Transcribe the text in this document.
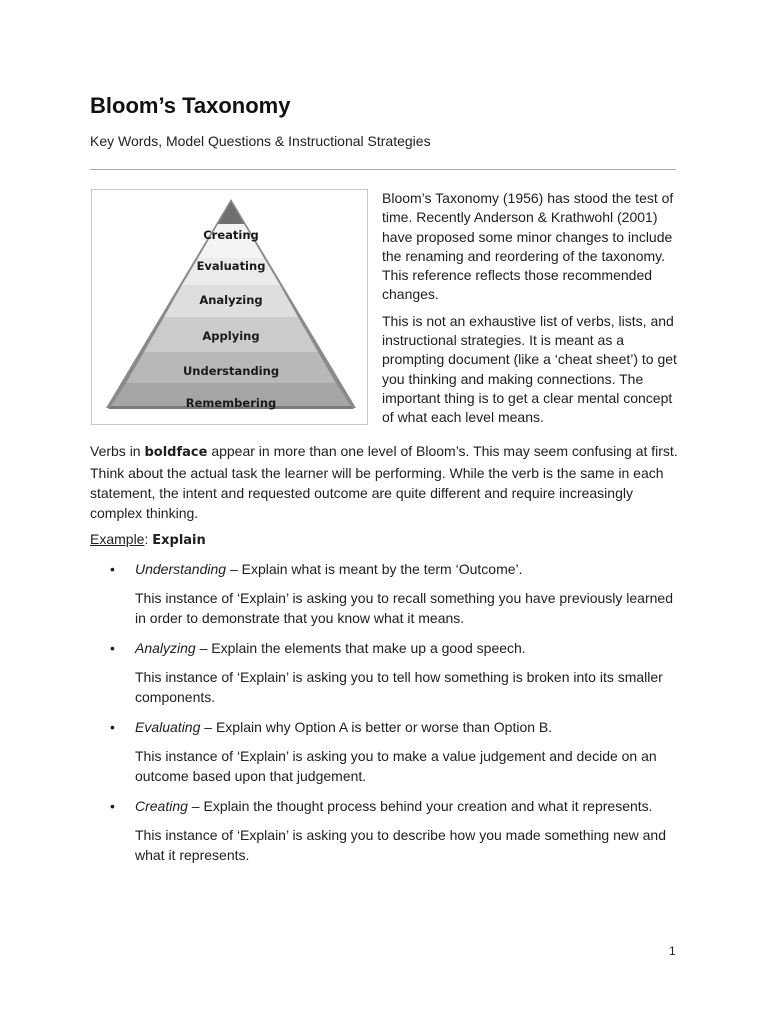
Bloom’s Taxonomy

Key Words, Model Questions & Instructional Strategies

Creating
Evaluating
Analyzing
Applying
Understanding
Remembering

Bloom’s Taxonomy (1956) has stood the test of time. Recently Anderson & Krathwohl (2001) have proposed some minor changes to include the renaming and reordering of the taxonomy. This reference reflects those recommended changes.

This is not an exhaustive list of verbs, lists, and instructional strategies. It is meant as a prompting document (like a ‘cheat sheet’) to get you thinking and making connections. The important thing is to get a clear mental concept of what each level means.

Verbs in boldface appear in more than one level of Bloom’s. This may seem confusing at first. Think about the actual task the learner will be performing. While the verb is the same in each statement, the intent and requested outcome are quite different and require increasingly complex thinking.

Example: Explain

• Understanding – Explain what is meant by the term ‘Outcome’.

This instance of ‘Explain’ is asking you to recall something you have previously learned in order to demonstrate that you know what it means.

• Analyzing – Explain the elements that make up a good speech.

This instance of ‘Explain’ is asking you to tell how something is broken into its smaller components.

• Evaluating – Explain why Option A is better or worse than Option B.

This instance of ‘Explain’ is asking you to make a value judgement and decide on an outcome based upon that judgement.

• Creating – Explain the thought process behind your creation and what it represents.

This instance of ‘Explain’ is asking you to describe how you made something new and what it represents.

1
